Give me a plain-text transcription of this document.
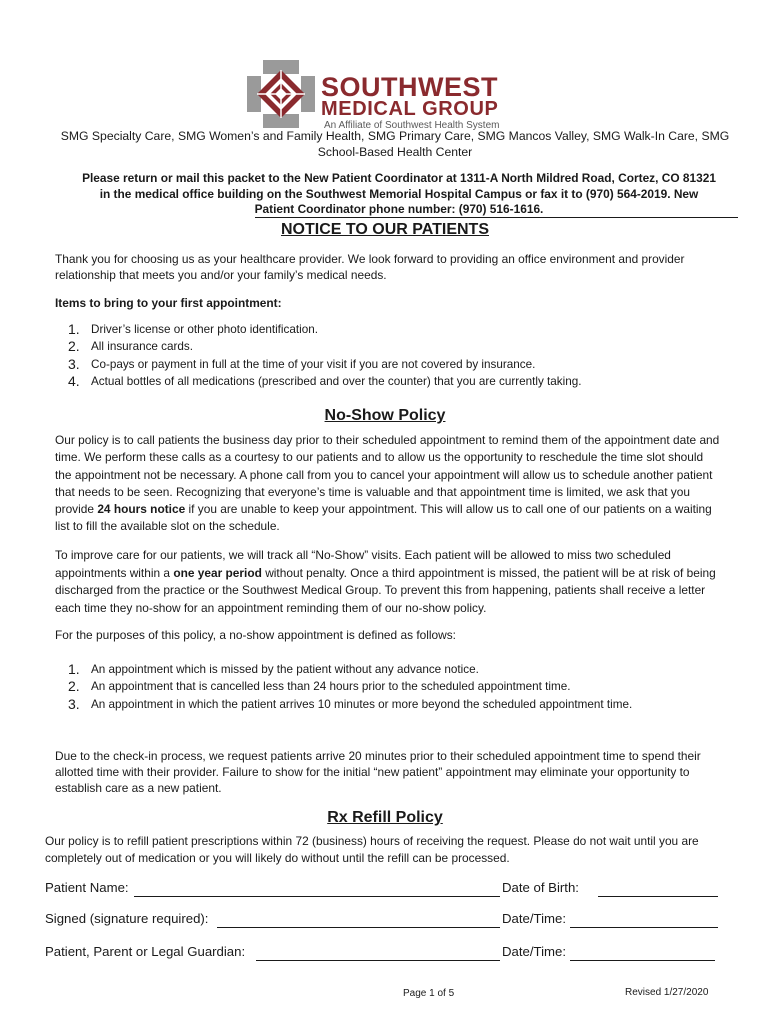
SOUTHWEST
MEDICAL GROUP
An Affiliate of Southwest Health System
SMG Specialty Care, SMG Women’s and Family Health, SMG Primary Care, SMG Mancos Valley, SMG Walk-In Care, SMG School-Based Health Center
Please return or mail this packet to the New Patient Coordinator at 1311-A North Mildred Road, Cortez, CO 81321
in the medical office building on the Southwest Memorial Hospital Campus or fax it to (970) 564-2019. New
Patient Coordinator phone number: (970) 516-1616.
NOTICE TO OUR PATIENTS
Thank you for choosing us as your healthcare provider. We look forward to providing an office environment and provider relationship that meets you and/or your family’s medical needs.
Items to bring to your first appointment:
1. Driver’s license or other photo identification.
2. All insurance cards.
3. Co-pays or payment in full at the time of your visit if you are not covered by insurance.
4. Actual bottles of all medications (prescribed and over the counter) that you are currently taking.
No-Show Policy
Our policy is to call patients the business day prior to their scheduled appointment to remind them of the appointment date and time. We perform these calls as a courtesy to our patients and to allow us the opportunity to reschedule the time slot should the appointment not be necessary. A phone call from you to cancel your appointment will allow us to schedule another patient that needs to be seen. Recognizing that everyone’s time is valuable and that appointment time is limited, we ask that you provide 24 hours notice if you are unable to keep your appointment. This will allow us to call one of our patients on a waiting list to fill the available slot on the schedule.
To improve care for our patients, we will track all “No-Show” visits. Each patient will be allowed to miss two scheduled appointments within a one year period without penalty. Once a third appointment is missed, the patient will be at risk of being discharged from the practice or the Southwest Medical Group. To prevent this from happening, patients shall receive a letter each time they no-show for an appointment reminding them of our no-show policy.
For the purposes of this policy, a no-show appointment is defined as follows:
1. An appointment which is missed by the patient without any advance notice.
2. An appointment that is cancelled less than 24 hours prior to the scheduled appointment time.
3. An appointment in which the patient arrives 10 minutes or more beyond the scheduled appointment time.
Due to the check-in process, we request patients arrive 20 minutes prior to their scheduled appointment time to spend their allotted time with their provider. Failure to show for the initial “new patient” appointment may eliminate your opportunity to establish care as a new patient.
Rx Refill Policy
Our policy is to refill patient prescriptions within 72 (business) hours of receiving the request. Please do not wait until you are completely out of medication or you will likely do without until the refill can be processed.
Patient Name:	Date of Birth:
Signed (signature required):	Date/Time:
Patient, Parent or Legal Guardian:	Date/Time:
Page 1 of 5	Revised 1/27/2020
